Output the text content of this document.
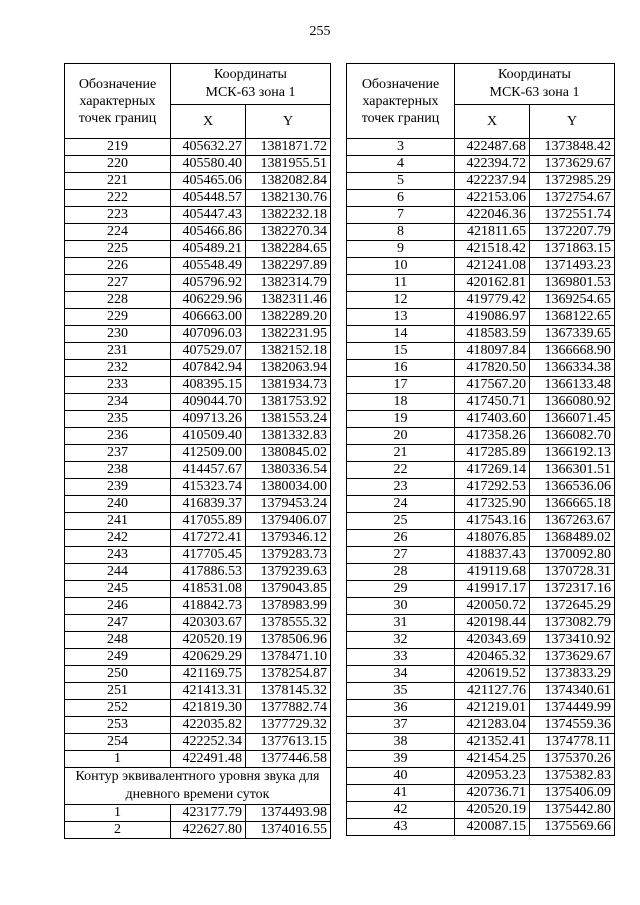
255
Обозначение
характерных
точек границ	Координаты
МСК-63 зона 1	
	X	Y
219	405632.27	1381871.72
220	405580.40	1381955.51
221	405465.06	1382082.84
222	405448.57	1382130.76
223	405447.43	1382232.18
224	405466.86	1382270.34
225	405489.21	1382284.65
226	405548.49	1382297.89
227	405796.92	1382314.79
228	406229.96	1382311.46
229	406663.00	1382289.20
230	407096.03	1382231.95
231	407529.07	1382152.18
232	407842.94	1382063.94
233	408395.15	1381934.73
234	409044.70	1381753.92
235	409713.26	1381553.24
236	410509.40	1381332.83
237	412509.00	1380845.02
238	414457.67	1380336.54
239	415323.74	1380034.00
240	416839.37	1379453.24
241	417055.89	1379406.07
242	417272.41	1379346.12
243	417705.45	1379283.73
244	417886.53	1379239.63
245	418531.08	1379043.85
246	418842.73	1378983.99
247	420303.67	1378555.32
248	420520.19	1378506.96
249	420629.29	1378471.10
250	421169.75	1378254.87
251	421413.31	1378145.32
252	421819.30	1377882.74
253	422035.82	1377729.32
254	422252.34	1377613.15
1	422491.48	1377446.58
Контур эквивалентного уровня звука для дневного времени суток		
1	423177.79	1374493.98
2	422627.80	1374016.55
Обозначение
характерных
точек границ	Координаты
МСК-63 зона 1	
	X	Y
3	422487.68	1373848.42
4	422394.72	1373629.67
5	422237.94	1372985.29
6	422153.06	1372754.67
7	422046.36	1372551.74
8	421811.65	1372207.79
9	421518.42	1371863.15
10	421241.08	1371493.23
11	420162.81	1369801.53
12	419779.42	1369254.65
13	419086.97	1368122.65
14	418583.59	1367339.65
15	418097.84	1366668.90
16	417820.50	1366334.38
17	417567.20	1366133.48
18	417450.71	1366080.92
19	417403.60	1366071.45
20	417358.26	1366082.70
21	417285.89	1366192.13
22	417269.14	1366301.51
23	417292.53	1366536.06
24	417325.90	1366665.18
25	417543.16	1367263.67
26	418076.85	1368489.02
27	418837.43	1370092.80
28	419119.68	1370728.31
29	419917.17	1372317.16
30	420050.72	1372645.29
31	420198.44	1373082.79
32	420343.69	1373410.92
33	420465.32	1373629.67
34	420619.52	1373833.29
35	421127.76	1374340.61
36	421219.01	1374449.99
37	421283.04	1374559.36
38	421352.41	1374778.11
39	421454.25	1375370.26
40	420953.23	1375382.83
41	420736.71	1375406.09
42	420520.19	1375442.80
43	420087.15	1375569.66
